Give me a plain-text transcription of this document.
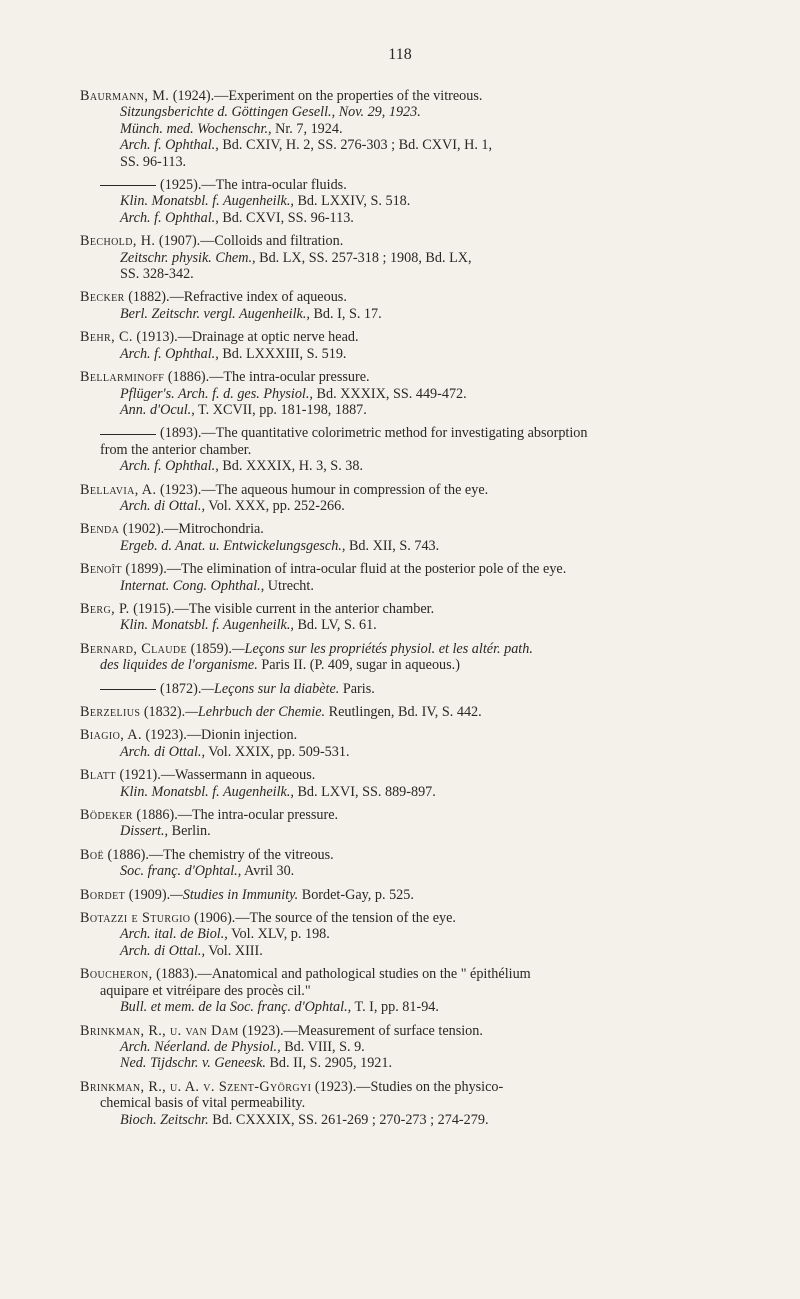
118
Baurmann, M. (1924).—Experiment on the properties of the vitreous.
Sitzungsberichte d. Göttingen Gesell., Nov. 29, 1923.
Münch. med. Wochenschr., Nr. 7, 1924.
Arch. f. Ophthal., Bd. CXIV, H. 2, SS. 276-303 ; Bd. CXVI, H. 1,
SS. 96-113.
(1925).—The intra-ocular fluids.
Klin. Monatsbl. f. Augenheilk., Bd. LXXIV, S. 518.
Arch. f. Ophthal., Bd. CXVI, SS. 96-113.
Bechold, H. (1907).—Colloids and filtration.
Zeitschr. physik. Chem., Bd. LX, SS. 257-318 ; 1908, Bd. LX,
SS. 328-342.
Becker (1882).—Refractive index of aqueous.
Berl. Zeitschr. vergl. Augenheilk., Bd. I, S. 17.
Behr, C. (1913).—Drainage at optic nerve head.
Arch. f. Ophthal., Bd. LXXXIII, S. 519.
Bellarminoff (1886).—The intra-ocular pressure.
Pflüger's. Arch. f. d. ges. Physiol., Bd. XXXIX, SS. 449-472.
Ann. d'Ocul., T. XCVII, pp. 181-198, 1887.
(1893).—The quantitative colorimetric method for investigating absorption
from the anterior chamber.
Arch. f. Ophthal., Bd. XXXIX, H. 3, S. 38.
Bellavia, A. (1923).—The aqueous humour in compression of the eye.
Arch. di Ottal., Vol. XXX, pp. 252-266.
Benda (1902).—Mitrochondria.
Ergeb. d. Anat. u. Entwickelungsgesch., Bd. XII, S. 743.
Benoît (1899).—The elimination of intra-ocular fluid at the posterior pole of the eye.
Internat. Cong. Ophthal., Utrecht.
Berg, P. (1915).—The visible current in the anterior chamber.
Klin. Monatsbl. f. Augenheilk., Bd. LV, S. 61.
Bernard, Claude (1859).—Leçons sur les propriétés physiol. et les altér. path.
des liquides de l'organisme. Paris II. (P. 409, sugar in aqueous.)
(1872).—Leçons sur la diabète. Paris.
Berzelius (1832).—Lehrbuch der Chemie. Reutlingen, Bd. IV, S. 442.
Biagio, A. (1923).—Dionin injection.
Arch. di Ottal., Vol. XXIX, pp. 509-531.
Blatt (1921).—Wassermann in aqueous.
Klin. Monatsbl. f. Augenheilk., Bd. LXVI, SS. 889-897.
Bödeker (1886).—The intra-ocular pressure.
Dissert., Berlin.
Boë (1886).—The chemistry of the vitreous.
Soc. franç. d'Ophtal., Avril 30.
Bordet (1909).—Studies in Immunity. Bordet-Gay, p. 525.
Botazzi e Sturgio (1906).—The source of the tension of the eye.
Arch. ital. de Biol., Vol. XLV, p. 198.
Arch. di Ottal., Vol. XIII.
Boucheron, (1883).—Anatomical and pathological studies on the " épithélium
aquipare et vitréipare des procès cil."
Bull. et mem. de la Soc. franç. d'Ophtal., T. I, pp. 81-94.
Brinkman, R., u. van Dam (1923).—Measurement of surface tension.
Arch. Néerland. de Physiol., Bd. VIII, S. 9.
Ned. Tijdschr. v. Geneesk. Bd. II, S. 2905, 1921.
Brinkman, R., u. A. v. Szent-Györgyi (1923).—Studies on the physico-
chemical basis of vital permeability.
Bioch. Zeitschr. Bd. CXXXIX, SS. 261-269 ; 270-273 ; 274-279.
